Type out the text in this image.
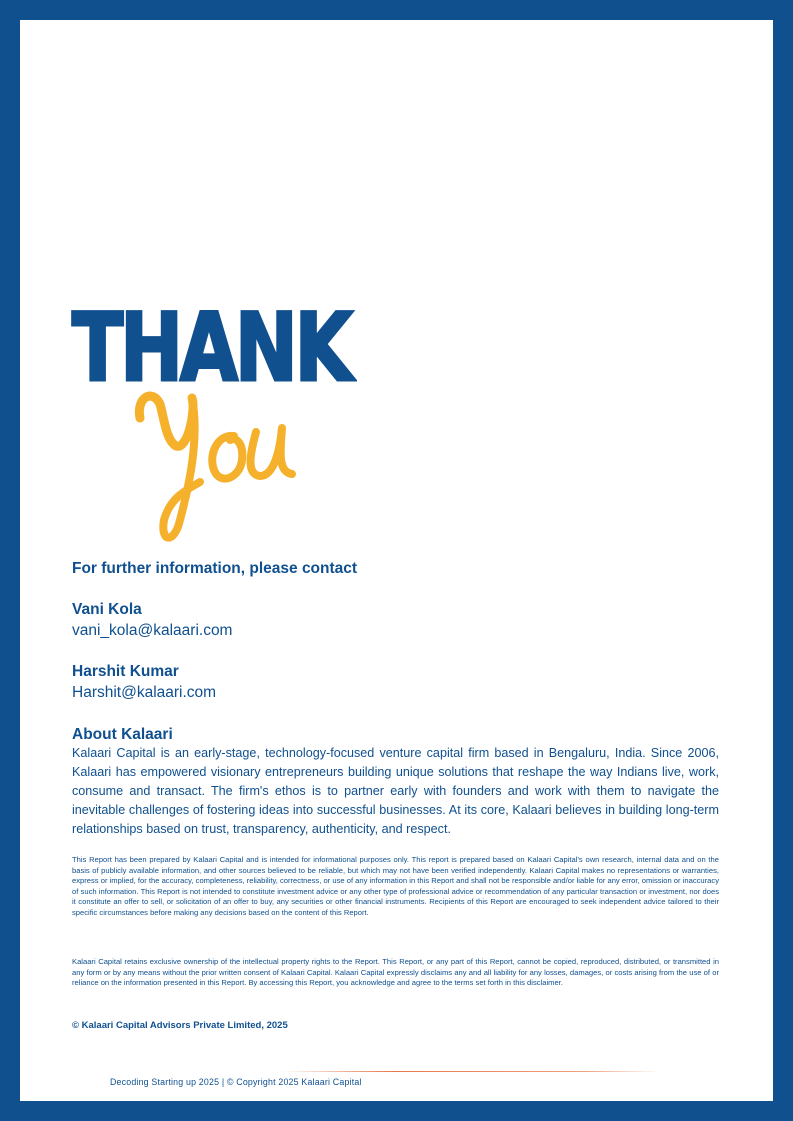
THANK
For further information, please contact
Vani Kola
vani_kola@kalaari.com
Harshit Kumar
Harshit@kalaari.com
About Kalaari
Kalaari Capital is an early-stage, technology-focused venture capital firm based in Bengaluru, India. Since 2006, Kalaari has empowered visionary entrepreneurs building unique solutions that reshape the way Indians live, work, consume and transact. The firm's ethos is to partner early with founders and work with them to navigate the inevitable challenges of fostering ideas into successful businesses. At its core, Kalaari believes in building long-term relationships based on trust, transparency, authenticity, and respect.
This Report has been prepared by Kalaari Capital and is intended for informational purposes only. This report is prepared based on Kalaari Capital's own research, internal data and on the basis of publicly available information, and other sources believed to be reliable, but which may not have been verified independently. Kalaari Capital makes no representations or warranties, express or implied, for the accuracy, completeness, reliability, correctness, or use of any information in this Report and shall not be responsible and/or liable for any error, omission or inaccuracy of such information. This Report is not intended to constitute investment advice or any other type of professional advice or recommendation of any particular transaction or investment, nor does it constitute an offer to sell, or solicitation of an offer to buy, any securities or other financial instruments. Recipients of this Report are encouraged to seek independent advice tailored to their specific circumstances before making any decisions based on the content of this Report.
Kalaari Capital retains exclusive ownership of the intellectual property rights to the Report. This Report, or any part of this Report, cannot be copied, reproduced, distributed, or transmitted in any form or by any means without the prior written consent of Kalaari Capital. Kalaari Capital expressly disclaims any and all liability for any losses, damages, or costs arising from the use of or reliance on the information presented in this Report. By accessing this Report, you acknowledge and agree to the terms set forth in this disclaimer.
© Kalaari Capital Advisors Private Limited, 2025
Decoding Starting up 2025 | © Copyright 2025 Kalaari Capital
